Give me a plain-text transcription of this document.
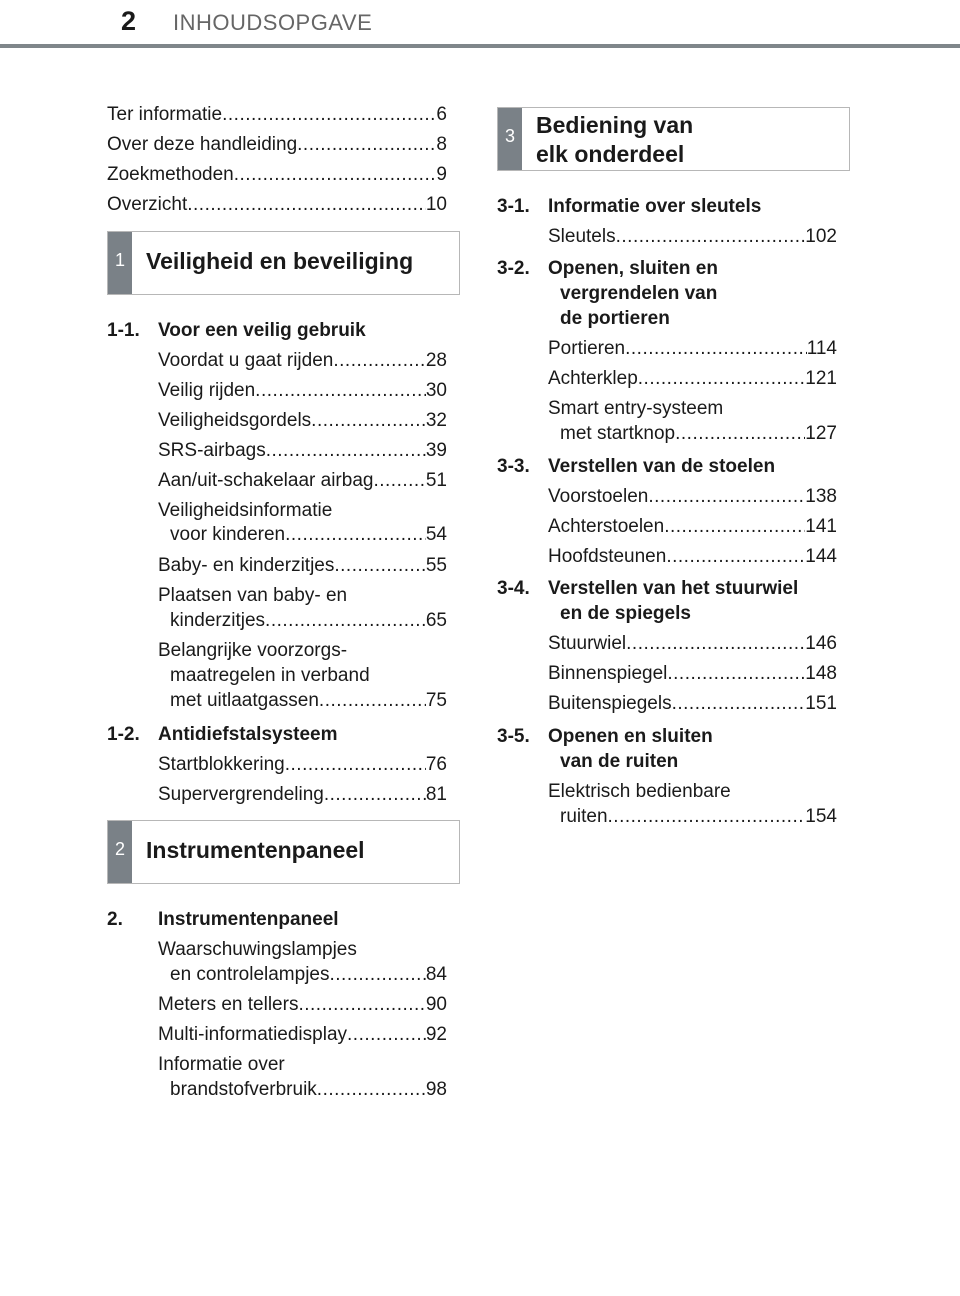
2 INHOUDSOPGAVE
Ter informatie .....	6
Over deze handleiding .....	8
Zoekmethoden .....	9
Overzicht .....	10
1 Veiligheid en beveiliging
1-1. Voor een veilig gebruik
Voordat u gaat rijden .....	28
Veilig rijden .....	30
Veiligheidsgordels .....	32
SRS-airbags .....	39
Aan/uit-schakelaar airbag .....	51
Veiligheidsinformatie
voor kinderen .....	54
Baby- en kinderzitjes .....	55
Plaatsen van baby- en
kinderzitjes .....	65
Belangrijke voorzorgs-
maatregelen in verband
met uitlaatgassen .....	75
1-2. Antidiefstalsysteem
Startblokkering .....	76
Supervergrendeling .....	81
2 Instrumentenpaneel
2. Instrumentenpaneel
Waarschuwingslampjes
en controlelampjes .....	84
Meters en tellers .....	90
Multi-informatiedisplay .....	92
Informatie over
brandstofverbruik .....	98
3 Bediening van
elk onderdeel
3-1. Informatie over sleutels
Sleutels .....	102
3-2. Openen, sluiten en
vergrendelen van
de portieren
Portieren .....	114
Achterklep .....	121
Smart entry-systeem
met startknop .....	127
3-3. Verstellen van de stoelen
Voorstoelen .....	138
Achterstoelen .....	141
Hoofdsteunen .....	144
3-4. Verstellen van het stuurwiel
en de spiegels
Stuurwiel .....	146
Binnenspiegel .....	148
Buitenspiegels .....	151
3-5. Openen en sluiten
van de ruiten
Elektrisch bedienbare
ruiten .....	154
